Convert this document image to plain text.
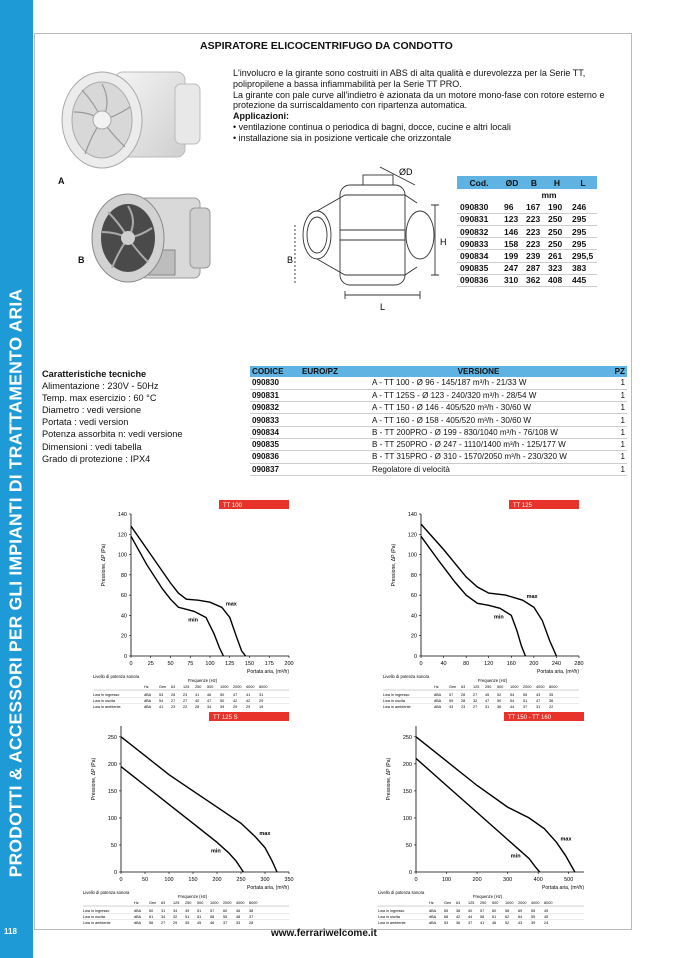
PRODOTTI & ACCESSORI PER GLI IMPIANTI DI TRATTAMENTO ARIA
118
ASPIRATORE ELICOCENTRIFUGO DA CONDOTTO

L'involucro e la girante sono costruiti in ABS di alta qualità e durevolezza per la Serie TT, polipropilene a bassa infiammabilità per la Serie TT PRO.

La girante con pale curve all'indietro è azionata da un motore mono-fase con rotore esterno e protezione da surriscaldamento con ripartenza automatica.

Applicazioni:

• ventilazione continua o periodica di bagni, docce, cucine e altri locali

• installazione sia in posizione verticale che orizzontale

A
B
L
H
ØD
B
Cod.	ØD	B	H	L
	mm			
090830	96	167	190	246
090831	123	223	250	295
090832	146	223	250	295
090833	158	223	250	295
090834	199	239	261	295,5
090835	247	287	323	383
090836	310	362	408	445
Caratteristiche tecniche
Alimentazione : 230V - 50Hz
Temp. max esercizio : 60 °C
Diametro : vedi versione
Portata : vedi version
Potenza assorbita n: vedi versione
Dimensioni : vedi tabella
Grado di protezione : IPX4
CODICE	EURO/PZ	VERSIONE	PZ
090830		A - TT 100 - Ø 96 - 145/187 m³/h - 21/33 W	1
090831		A - TT 125S - Ø 123 - 240/320 m³/h - 28/54 W	1
090832		A - TT 150 - Ø 146 - 405/520 m³/h - 30/60 W	1
090833		A - TT 160 - Ø 158 - 405/520 m³/h - 30/60 W	1
090834		B - TT 200PRO - Ø 199 - 830/1040 m³/h - 76/108 W	1
090835		B - TT 250PRO - Ø 247 - 1110/1400 m³/h - 125/177 W	1
090836		B - TT 315PRO - Ø 310 - 1570/2050 m³/h - 230/320 W	1
090837		Regolatore di velocità	1
TT 100
0	25 50 75 100 125 150 175 200
0
20
40
60
80
100
120
140
Portata aria, (m³/h)
Pressione, ΔP (Pa)
max
min
Livello di potenza sonora
Frequenze (Hz)
Hz	Gen 63 125 250 500 1000 2000 4000 8000
Lwa in ingresso	dBA 53 26 23 41 46 50 47 41 31
Lwa in uscita	dBA 54 27 27 40 47 50 42 42 29
Lwa in ambiente	dBA 41 23 22 28 34 39 29 29 19
TT 125
0	40	80	120 160 200 240 280
0
20
40
60
80
100
120
140
Portata aria, (m³/h)
Pressione, ΔP (Pa)
max
min
Livello di potenza sonora
Frequenze (Hz)
Hz	Gen 63 125 250 500 1000 2000 4000 8000
Lwa in ingresso	dBA 57 28 27 45 52 54 55 43 35
Lwa in uscita	dBA 59 28 32 47 50 54 51 47 36
Lwa in ambiente	dBA 43 23 27 31 36 44 37 31 22
TT 125 S
0	50	100	150	200	250	300	350
0
50
100
150
200
250
Portata aria, (m³/h)
Pressione, ΔP (Pa)
max
min
Livello di potenza sonora
Frequenze (Hz)
Hz	Gen 63 125 250 500 1000 2000 4000 8000
Lwa in ingresso	dBA 60 31 34 49 51 57 60 46 38
Lwa in uscita	dBA 61 34 32 51 51 58 55 48 37
Lwa in ambiente	dBA 56 27 29 35 45 46 37 33 28
TT 150 - TT 160
0	100	200	300	400	500
0
50
100
150
200
250
Portata aria, (m³/h)
Pressione, ΔP (Pa)
max
min
Livello di potenza sonora
Frequenze (Hz)
Hz	Gen 63 125 250 500 1000 2000 4000 8000
Lwa in ingresso	dBA 65 38 40 57 60 58 69 55 45
Lwa in uscita	dBA 68 42 44 58 61 62 64 55 45
Lwa in ambiente	dBA 53 36 37 41 46 52 43 39 24
www.ferrariwelcome.it
